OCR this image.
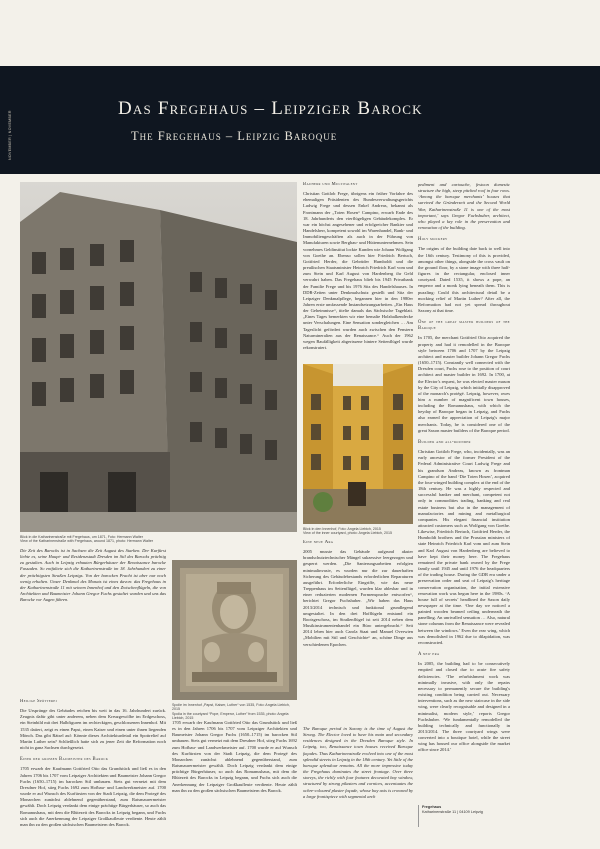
NOVEMBER | NOVEMBER
Das Fregehaus – Leipziger Barock
The Fregehaus – Leipzig Baroque
Blick in die Katharinenstraße mit Fregehaus, um 1871, Foto: Hermann Walter
View of the Katharinenstraße with Fregehaus, around 1871, photo: Hermann Walter
Blick in den Innenhof, Foto: Angela Liebich, 2015
View of the inner courtyard, photo: Angela Liebich, 2015
Spolie im Innenhof „Papst, Kaiser, Luther“ von 1535, Foto: Angela Liebich, 2015
Spolia in the courtyard “Pope, Emperor, Luther” from 1535, photo: Angela Liebich, 2015

Die Zeit des Barocks ist in Sachsen die Zeit August des Starken. Der Kurfürst liebte es, seine Haupt- und Residenzstadt Dresden im Stil des Barocks prächtig zu gestalten. Auch in Leipzig erbauten Bürgerhäuser der Renaissance barocke Fassaden. So entfaltete sich die Katharinenstraße im 18. Jahrhundert zu einer der prächtigsten Straßen Leipzigs. Von der barocken Pracht ist aber nur noch wenig erhalten. Unser Denkmal des Monats ist eines davon: das Fregehaus in der Katharinenstraße 11 mit seinem Innenhof und den Zwischenflügeln, die von Architekten und Baumeister Johann Gregor Fuchs gestaltet wurden und uns das Barocke vor Augen führen.

Heilige Spötterei

Die Ursprünge des Gebäudes reichen bis weit in das 16. Jahrhundert zurück. Zeugnis dafür gibt unter anderem, neben dem Kreuzgewölbe im Erdgeschoss, ein Steinbild mit drei Halbfiguren im rechteckigen, geschlossenen Innenhof. Mit 1535 datiert, zeigt es einen Papst, einen Kaiser und einen unter ihnen liegenden Mönch. Das gibt Rätsel auf: Könnte dieses Architekturdetail ein Spottrelief auf Martin Luther sein? Schließlich hatte sich zu jener Zeit die Reformation noch nicht in ganz Sachsen durchgesetzt.

Einer der großen Baumeister des Barock

1705 erwarb der Kaufmann Gottfried Otto das Grundstück und ließ es in den Jahren 1706 bis 1707 vom Leipziger Architekten und Baumeister Johann Gregor Fuchs (1650–1715) im barocken Stil umbauen. Stets gut vernetzt mit dem Dresdner Hof, stieg Fuchs 1692 zum Hofbau- und Landwerkmeister auf. 1700 wurde er auf Wunsch des Kurfürsten von der Stadt Leipzig, die dem Protegé des Monarchen zunächst ablehnend gegenüberstand, zum Ratsmaurermeister gewählt. Doch Leipzig verdankt dem einige prächtige Bürgerhäuser, so auch das Romanushaus, mit dem die Blütezeit des Barocks in Leipzig begann, und Fuchs sich auch die Anerkennung der Leipziger Großkaufleute verdiente. Heute zählt man ihn zu den großen sächsischen Baumeistern des Barock.

1705 erwarb der Kaufmann Gottfried Otto das Grundstück und ließ es in den Jahren 1706 bis 1707 vom Leipziger Architekten und Baumeister Johann Gregor Fuchs (1650–1715) im barocken Stil umbauen. Stets gut vernetzt mit dem Dresdner Hof, stieg Fuchs 1692 zum Hofbau- und Landwerkmeister auf. 1700 wurde er auf Wunsch des Kurfürsten von der Stadt Leipzig, die dem Protegé des Monarchen zunächst ablehnend gegenüberstand, zum Ratsmaurermeister gewählt. Doch Leipzig verdankt dem einige prächtige Bürgerhäuser, so auch das Romanushaus, mit dem die Blütezeit des Barocks in Leipzig begann, und Fuchs sich auch die Anerkennung der Leipziger Großkaufleute verdiente. Heute zählt man ihn zu den großen sächsischen Baumeistern des Barock.

Bauherr und Multitalent

Christian Gottlob Frege, übrigens ein früher Vorfahre des ehemaligen Präsidenten des Bundesverwaltungsgerichts Ludwig Frege und dessen Enkel Andreas, bekannt als Frontmann der „Toten Hosen“ Campino, erwarb Ende des 18. Jahrhunderts den vierflügeligen Gebäudekomplex. Er war ein höchst angesehener und erfolgreicher Bankier und Handelsherr, kompetent sowohl im Warenhandel, Bank- und Immobiliengeschäften als auch in der Führung von Manufakturen sowie Bergbau- und Hüttenunternehmen. Sein vornehmes Geldinstitut lockte Kunden wie Johann Wolfgang von Goethe an. Ebenso sollen hier Friedrich Bertuch, Gottfried Herder, die Gebrüder Humboldt und die preußischen Staatsminister Heinrich Friedrich Karl vom und zum Stein und Karl August von Hardenberg ihr Geld verwahrt haben. Das Fregehaus blieb bis 1945 Privatbank der Familie Frege und bis 1976 Sitz des Handelshauses. In DDR-Zeiten unter Denkmalschutz gestellt und Sitz der Leipziger Denkmalpflege, begannen hier in den 1980er Jahren erste umfassende Instandsetzungsarbeiten. „Ein Haus der Geheimnisse“, titelte damals das Sächsische Tageblatt. „Eines Tages bemerkten wir eine bemalte Holzbalkendecke unter Verschalungen. Eine Sensation sondergleichen … Am Tageslicht gefördert wurden auch zwischen den Fenstern Naturmineralien aus der Renaissance.“ Auch der 1962 wegen Baufälligkeit abgerissene hintere Seitenflügel wurde rekonstruiert.

Eine neue Ära

2005 musste das Gebäude aufgrund akuter brandschutztechnischer Mängel sukzessive leergezogen und gesperrt werden. „Die Sanierungsarbeiten erfolgten minimalinvasiv, es wurden nur die zur dauerhaften Sicherung des Gebäudebestands erforderlichen Reparaturen ausgeführt. Erforderliche Eingriffe, wie das neue Treppenhaus im Seitenflügel, wurden klar ablesbar und in einer reduzierten modernen Formensprache entworfen“, berichtet Gregor Fuchshuber. „Wir haben das Haus 2013/2014 technisch und funktional grundlegend umgestaltet. In den drei Hofflügeln entstand ein Bootsgeschoss, im Straßenflügel ist seit 2014 neben dem Musikinstrumentenhandel ein Büro untergebracht.“ Seit 2014 leben hier auch Carola Staat und Manuel Overwien „Mobilien mit Stil und Geschichte“ an, schöne Dinge aus verschiedenen Epochen.

The Baroque period in Saxony is the time of August the Strong. The Elector loved to have his main and secondary residences designed in the Dresden Baroque style. In Leipzig, too, Renaissance town houses received Baroque façades. Thus Katharinenstraße evolved into one of the most splendid streets in Leipzig in the 18th century. Yet little of the baroque splendour remains. All the more impressive today the Fregehaus dominates the street frontage. Over three storeys, the richly with four features decorated bay window, structured by strong pilasters and cornices, accentuates the ochre-coloured plaster façade, whose bay axis is crowned by a large frontispiece with segmental arch

pediment and cartouche, festoon domestic structure the high, steep pitched roof in four rows. ‘Among the baroque merchants’ houses that survived the Gründerzeit and the Second World War, Katharinenstraße 11 is one of the most important,’ says Gregor Fuchshuber, architect, who played a key role in the preservation and renovation of the building.

Holy mockery

The origins of the building date back to well into the 16th century. Testimony of this is provided, amongst other things, alongside the cross vault on the ground floor, by a stone image with three half-figures in the rectangular, enclosed inner courtyard. Dated 1535, it shows a pope, an emperor and a monk lying beneath them. This is puzzling: Could this architectural detail be a mocking relief of Martin Luther? After all, the Reformation had not yet spread throughout Saxony at that time.

One of the great master builders of the Baroque

In 1705, the merchant Gottfried Otto acquired the property and had it remodelled in the Baroque style between 1706 and 1707 by the Leipzig architect and master builder Johann Gregor Fuchs (1650–1715). Constantly well connected with the Dresden court, Fuchs rose to the position of court architect and master builder in 1692. In 1700, at the Elector's request, he was elected master mason by the City of Leipzig, which initially disapproved of the monarch's protégé. Leipzig, however, owes him a number of magnificent town houses, including the Romanushaus, with which the heyday of Baroque began in Leipzig, and Fuchs also earned the appreciation of Leipzig's major merchants. Today, he is considered one of the great Saxon master builders of the Baroque period.

Builder and all-rounder

Christian Gottlob Frege, who, incidentally, was an early ancestor of the former President of the Federal Administrative Court Ludwig Frege and his grandson Andreas, known as frontman Campino of the band ‘Die Toten Hosen’, acquired the four-winged building complex at the end of the 18th century. He was a highly respected and successful banker and merchant, competent not only in commodities trading, banking and real estate business but also in the management of manufactories and mining and metallurgical companies. His elegant financial institution attracted customers such as Wolfgang von Goethe. Likewise, Friedrich Bertuch, Gottfried Herder, the Humboldt brothers and the Prussian ministers of state Heinrich Friedrich Karl vom und zum Stein and Karl August von Hardenberg are believed to have kept their money here. The Fregehaus remained the private bank owned by the Frege family until 1945 and until 1976 the headquarters of the trading house. During the GDR era under a preservation order and seat of Leipzig's heritage conservation organisation, the initial extensive renovation work was begun here in the 1980s. ‘A house full of secrets’ headlined the Saxon daily newspaper at the time. ‘One day we noticed a painted wooden beamed ceiling underneath the panelling. An unrivalled sensation … Also, natural stone columns from the Renaissance were revealed between the windows.’ Even the rear wing, which was demolished in 1962 due to dilapidation, was reconstructed.

A new era

In 2005, the building had to be consecutively emptied and closed due to acute fire safety deficiencies. ‘The refurbishment work was minimally invasive, with only the repairs necessary to permanently secure the building's existing condition being carried out. Necessary interventions, such as the new staircase in the side wing, were clearly recognisable and designed in a minimalist, modern style,’ reports Gregor Fuchshuber. ‘We fundamentally remodelled the building technically and functionally in 2013/2014. The three courtyard wings were converted into a boutique hotel, while the street wing has housed our office alongside the market office since 2014.’

Fregehaus
Katharinenstraße 11 | 04109 Leipzig
